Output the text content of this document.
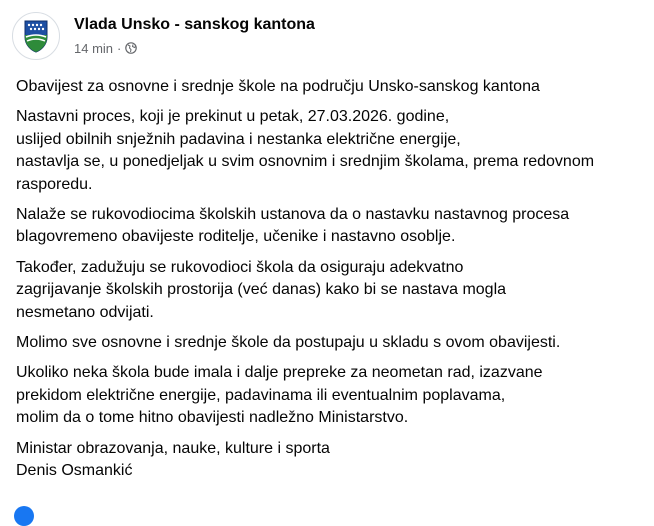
Vlada Unsko - sanskog kantona
14 min ·

Obavijest za osnovne i srednje škole na području Unsko-sanskog kantona

Nastavni proces, koji je prekinut u petak, 27.03.2026. godine,
uslijed obilnih snježnih padavina i nestanka električne energije,
nastavlja se, u ponedjeljak u svim osnovnim i srednjim školama, prema redovnom
rasporedu.

Nalaže se rukovodiocima školskih ustanova da o nastavku nastavnog procesa
blagovremeno obavijeste roditelje, učenike i nastavno osoblje.

Također, zadužuju se rukovodioci škola da osiguraju adekvatno
zagrijavanje školskih prostorija (već danas) kako bi se nastava mogla
nesmetano odvijati.

Molimo sve osnovne i srednje škole da postupaju u skladu s ovom obavijesti.

Ukoliko neka škola bude imala i dalje prepreke za neometan rad, izazvane
prekidom električne energije, padavinama ili eventualnim poplavama,
molim da o tome hitno obavijesti nadležno Ministarstvo.

Ministar obrazovanja, nauke, kulture i sporta
Denis Osmankić
